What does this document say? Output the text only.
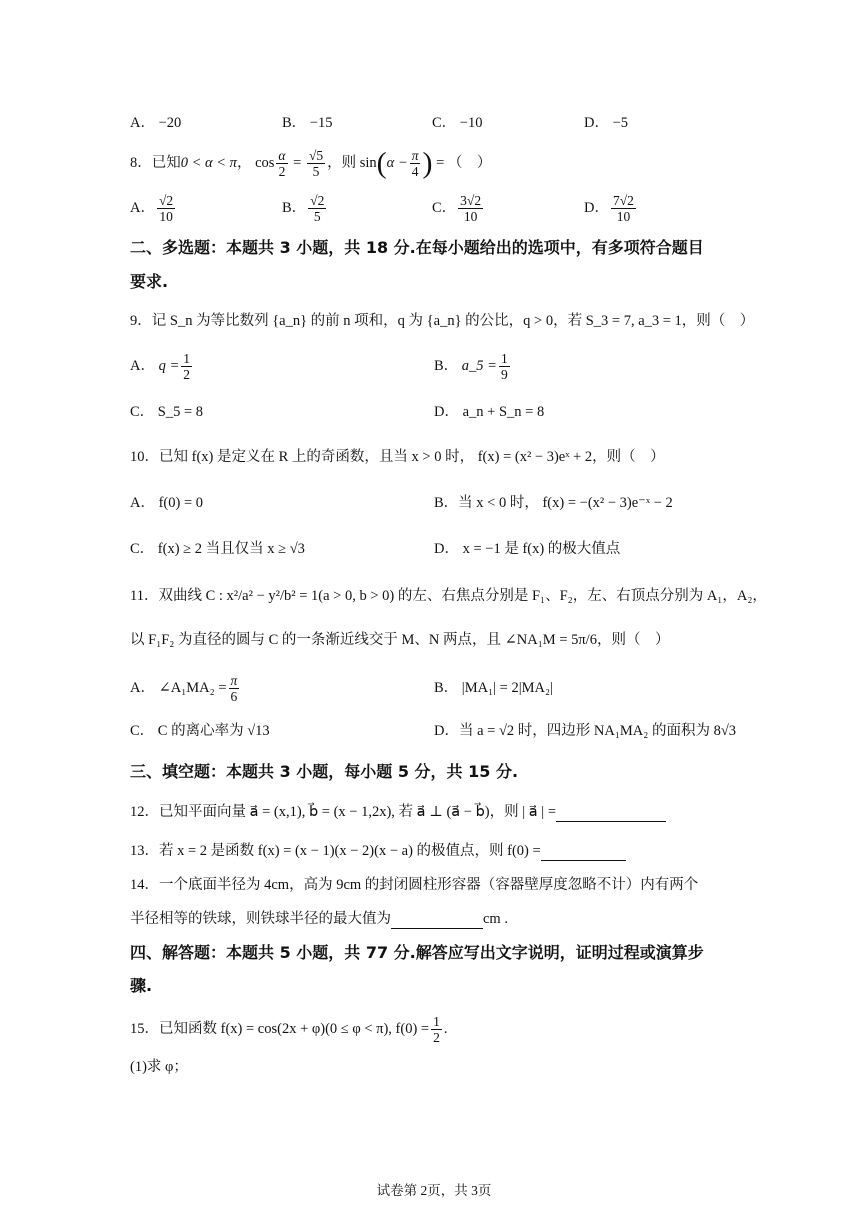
A． −20	B． −15	C． −10	D． −5
8．已知0 < α < π， $\cos \frac{\alpha}{2} = \frac{√5}{5}$ ，则 $\sin(\alpha - \frac{\pi}{4}$ ) = （　）
A． $\frac{√2}{10}$	B． $\frac{√2}{5}$	C． $\frac{3√2}{10}$	D． $\frac{7√2}{10}$
二、多选题：本题共 3 小题，共 18 分.在每小题给出的选项中，有多项符合题目
要求.
9．记 S_n 为等比数列 {a_n} 的前 n 项和，q 为 {a_n} 的公比，q > 0，若 S_3 = 7, a_3 = 1，则（　）
A． $q = \frac{1}{2}$	B． a_5 = $\frac{1}{9}$
C． S_5 = 8	D． a_n + S_n = 8
10．已知 f(x) 是定义在 R 上的奇函数，且当 x > 0 时， f(x) = (x² − 3)eˣ + 2，则（　）
A． f(0) = 0	B．当 x < 0 时， f(x) = −(x² − 3)e⁻ˣ − 2
C． f(x) ≥ 2 当且仅当 x ≥ √3	D． x = −1 是 f(x) 的极大值点
11．双曲线 C : x²/a² − y²/b² = 1(a > 0, b > 0) 的左、右焦点分别是 F₁、F₂，左、右顶点分别为 A₁，A₂，
以 F₁F₂ 为直径的圆与 C 的一条渐近线交于 M、N 两点，且 ∠NA₁M = 5π/6，则（　）
A． ∠A₁MA₂ = $\frac{\pi}{6}$	B． |MA₁| = 2|MA₂|
C． C 的离心率为 √13	D．当 a = √2 时，四边形 NA₁MA₂ 的面积为 8√3
三、填空题：本题共 3 小题，每小题 5 分，共 15 分.
12．已知平面向量 a⃗ = (x,1), b⃗ = (x − 1,2x), 若 a⃗ ⊥ (a⃗ − b⃗)，则 | a⃗ | =
13．若 x = 2 是函数 f(x) = (x − 1)(x − 2)(x − a) 的极值点，则 f(0) =
14．一个底面半径为 4cm，高为 9cm 的封闭圆柱形容器（容器壁厚度忽略不计）内有两个
半径相等的铁球，则铁球半径的最大值为	cm .
四、解答题：本题共 5 小题，共 77 分.解答应写出文字说明，证明过程或演算步
骤.
15．已知函数 f(x) = cos(2x + φ)(0 ≤ φ < π), $f(0) = \frac{1}{2}$ .
(1)求 φ；
试卷第 2页，共 3页
